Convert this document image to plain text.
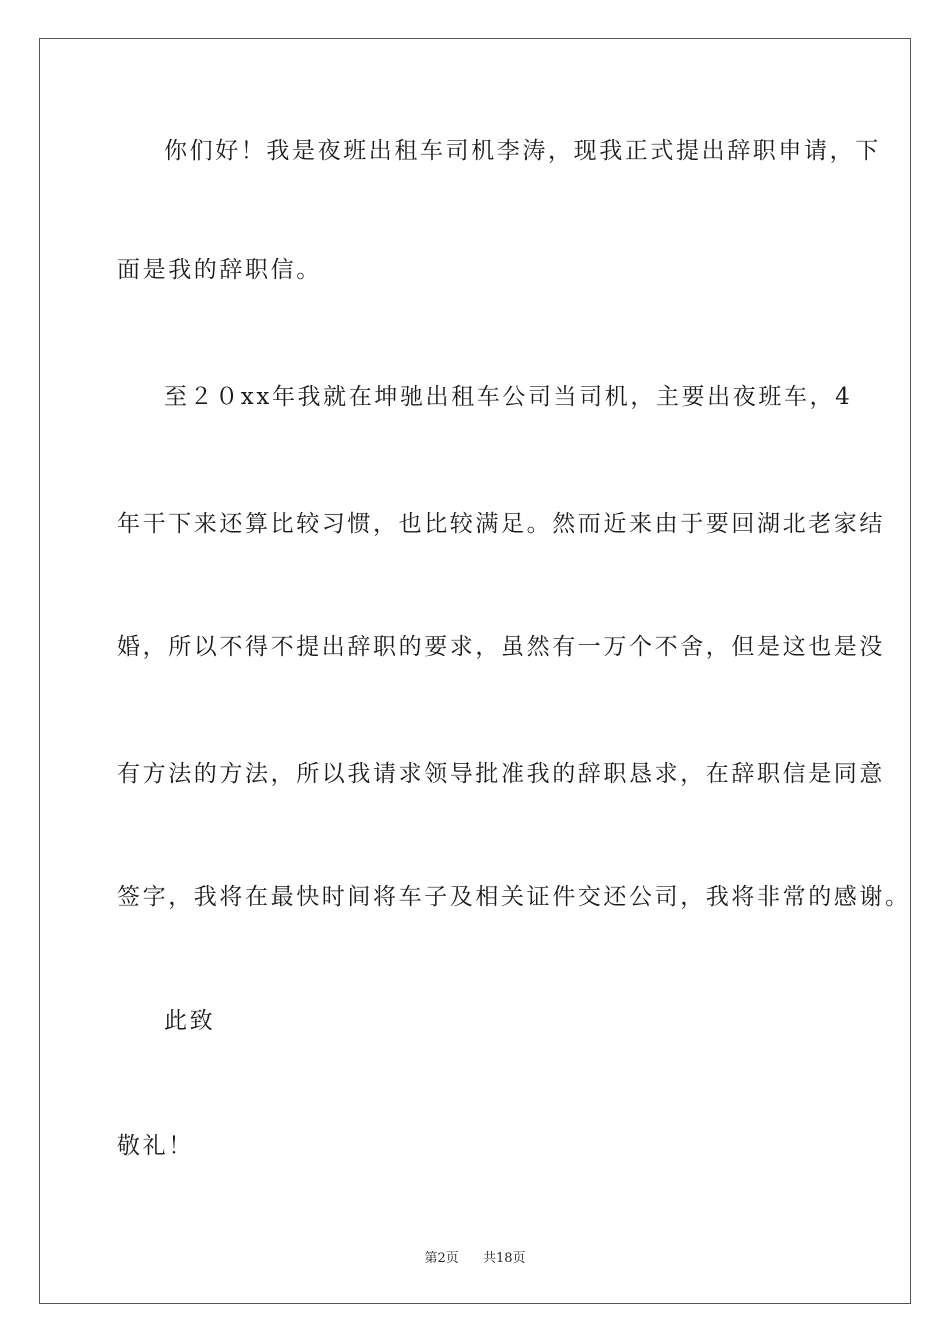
你们好！我是夜班出租车司机李涛，现我正式提出辞职申请，下
面是我的辞职信。
至２０xx年我就在坤驰出租车公司当司机，主要出夜班车，4
年干下来还算比较习惯，也比较满足。然而近来由于要回湖北老家结
婚，所以不得不提出辞职的要求，虽然有一万个不舍，但是这也是没
有方法的方法，所以我请求领导批准我的辞职恳求，在辞职信是同意
签字，我将在最快时间将车子及相关证件交还公司，我将非常的感谢。
此致
敬礼！
第2页 共18页
